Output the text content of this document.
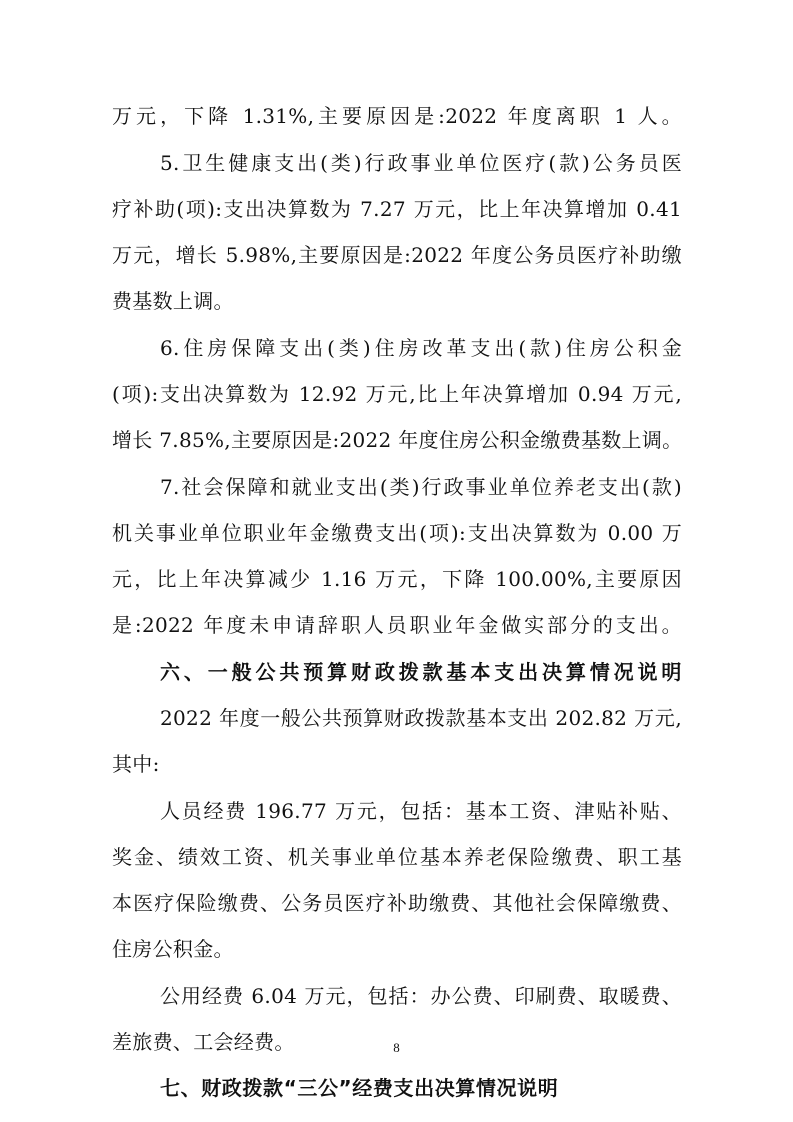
万元，下降 1.31%,主要原因是:2022 年度离职 1 人。
5.卫生健康支出(类)行政事业单位医疗(款)公务员医
疗补助(项):支出决算数为 7.27 万元，比上年决算增加 0.41
万元，增长 5.98%,主要原因是:2022 年度公务员医疗补助缴
费基数上调。
6.住房保障支出(类)住房改革支出(款)住房公积金
(项):支出决算数为 12.92 万元,比上年决算增加 0.94 万元,
增长 7.85%,主要原因是:2022 年度住房公积金缴费基数上调。
7.社会保障和就业支出(类)行政事业单位养老支出(款)
机关事业单位职业年金缴费支出(项):支出决算数为 0.00 万
元，比上年决算减少 1.16 万元，下降 100.00%,主要原因
是:2022 年度未申请辞职人员职业年金做实部分的支出。
六、一般公共预算财政拨款基本支出决算情况说明
2022 年度一般公共预算财政拨款基本支出 202.82 万元,
其中:
人员经费 196.77 万元，包括：基本工资、津贴补贴、
奖金、绩效工资、机关事业单位基本养老保险缴费、职工基
本医疗保险缴费、公务员医疗补助缴费、其他社会保障缴费、
住房公积金。
公用经费 6.04 万元，包括：办公费、印刷费、取暖费、
差旅费、工会经费。
七、财政拨款“三公”经费支出决算情况说明
8
